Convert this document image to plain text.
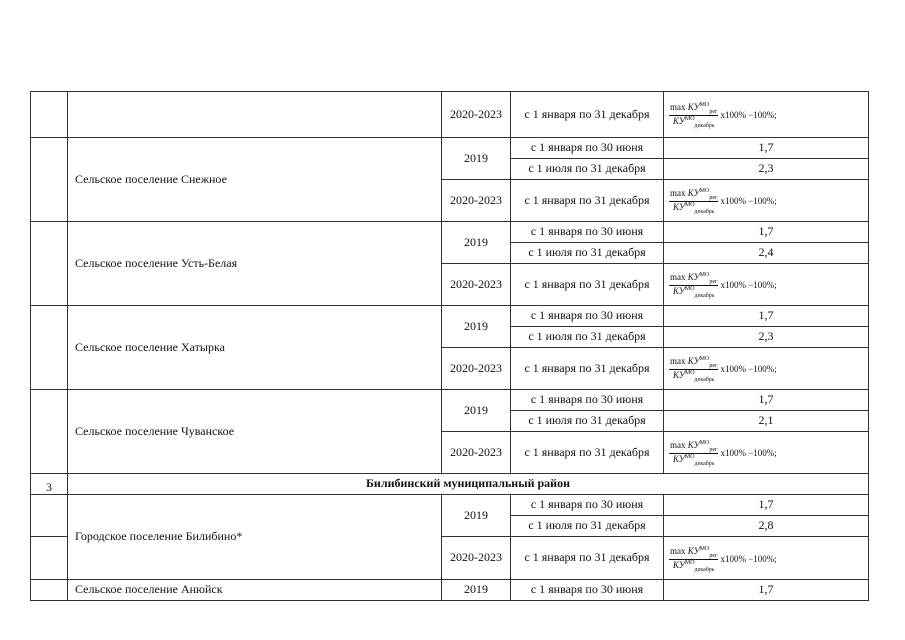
		2020-2023	с 1 января по 31 декабря	$\frac{\max КУ^{МО}_{рег}}{КУ^{МО}_{декабрь}} x100\% -100\%$;

	Сельское поселение Снежное	2019	с 1 января по 30 июня	1,7
			с 1 июля по 31 декабря	2,3
		2020-2023	с 1 января по 31 декабря	$\frac{\max КУ^{МО}_{рег}}{КУ^{МО}_{декабрь}} x100\% -100\%$;

	Сельское поселение Усть-Белая	2019	с 1 января по 30 июня	1,7
			с 1 июля по 31 декабря	2,4
		2020-2023	с 1 января по 31 декабря	$\frac{\max КУ^{МО}_{рег}}{КУ^{МО}_{декабрь}} x100\% -100\%$;

	Сельское поселение Хатырка	2019	с 1 января по 30 июня	1,7
			с 1 июля по 31 декабря	2,3
		2020-2023	с 1 января по 31 декабря	$\frac{\max КУ^{МО}_{рег}}{КУ^{МО}_{декабрь}} x100\% -100\%$;

	Сельское поселение Чуванское	2019	с 1 января по 30 июня	1,7
			с 1 июля по 31 декабря	2,1
		2020-2023	с 1 января по 31 декабря	$\frac{\max КУ^{МО}_{рег}}{КУ^{МО}_{декабрь}} x100\% -100\%$;

3	Билибинский муниципальный район			
	Городское поселение Билибино*	2019	с 1 января по 30 июня	1,7
			с 1 июля по 31 декабря	2,8
		2020-2023	с 1 января по 31 декабря	$\frac{\max КУ^{МО}_{рег}}{КУ^{МО}_{декабрь}} x100\% -100\%$;

	Сельское поселение Анюйск	2019	с 1 января по 30 июня	1,7
